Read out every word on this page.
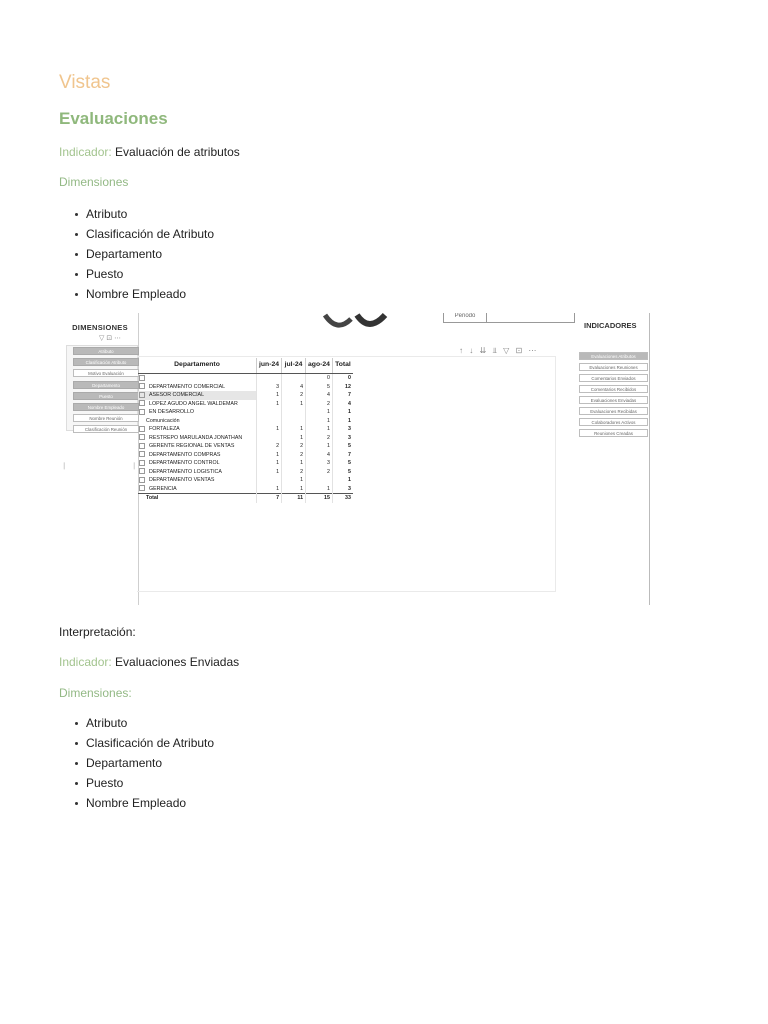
Vistas
Evaluaciones
Indicador: Evaluación de atributos
Dimensiones
Atributo
Clasificación de Atributo
Departamento
Puesto
Nombre Empleado
DIMENSIONES
▽ ⊡ ⋯
⎸	⎸
Atributo
Clasificación Atributo
Motivo Evaluación
Departamento
Puesto
Nombre Empleado
Nombre Reunión
Clasificación Reunión
Periodo
↑ ↓ ⇊ ⫫ ▽ ⊡ ⋯
Departamento	jun-24	jul-24	ago-24	Total
			0	0
DEPARTAMENTO COMERCIAL	3	4	5	12
ASESOR COMERCIAL	1	2	4	7
LOPEZ AGUDO ANGEL WALDEMAR	1	1	2	4
EN DESARROLLO			1	1
Comunicación			1	1
FORTALEZA	1	1	1	3
RESTREPO MARULANDA JONATHAN		1	2	3
GERENTE REGIONAL DE VENTAS	2	2	1	5
DEPARTAMENTO COMPRAS	1	2	4	7
DEPARTAMENTO CONTROL	1	1	3	5
DEPARTAMENTO LOGISTICA	1	2	2	5
DEPARTAMENTO VENTAS		1		1
GERENCIA	1	1	1	3
Total	7	11	15	33
INDICADORES
Evaluaciones Atributos
Evaluaciones Reuniones
Comentarios Enviados
Comentarios Recibidos
Evaluaciones Enviadas
Evaluaciones Recibidas
Colaboradores Activos
Reuniones Creadas
Interpretación:
Indicador: Evaluaciones Enviadas
Dimensiones:
Atributo
Clasificación de Atributo
Departamento
Puesto
Nombre Empleado
